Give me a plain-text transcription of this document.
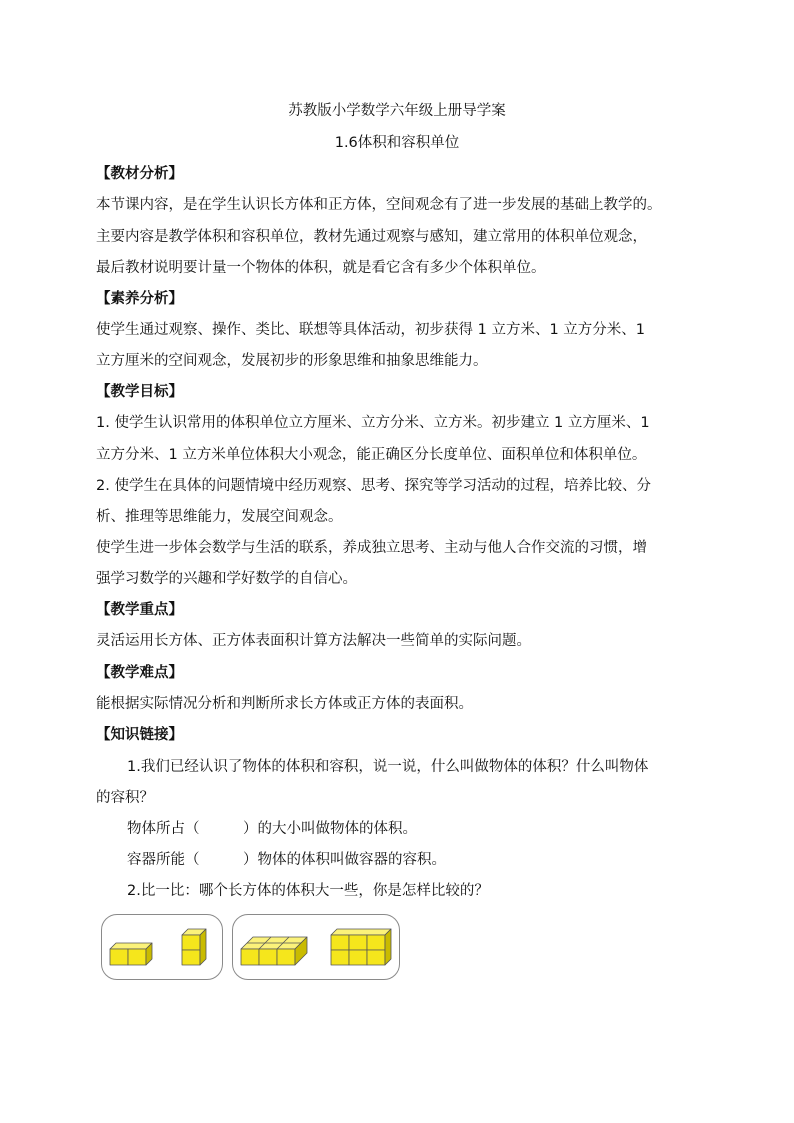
苏教版小学数学六年级上册导学案
1.6体积和容积单位
【教材分析】
本节课内容，是在学生认识长方体和正方体，空间观念有了进一步发展的基础上教学的。
主要内容是教学体积和容积单位，教材先通过观察与感知，建立常用的体积单位观念，
最后教材说明要计量一个物体的体积，就是看它含有多少个体积单位。
【素养分析】
使学生通过观察、操作、类比、联想等具体活动，初步获得 1 立方米、1 立方分米、1
立方厘米的空间观念，发展初步的形象思维和抽象思维能力。
【教学目标】
1. 使学生认识常用的体积单位立方厘米、立方分米、立方米。初步建立 1 立方厘米、1
立方分米、1 立方米单位体积大小观念，能正确区分长度单位、面积单位和体积单位。
2. 使学生在具体的问题情境中经历观察、思考、探究等学习活动的过程，培养比较、分
析、推理等思维能力，发展空间观念。
使学生进一步体会数学与生活的联系，养成独立思考、主动与他人合作交流的习惯，增
强学习数学的兴趣和学好数学的自信心。
【教学重点】
灵活运用长方体、正方体表面积计算方法解决一些简单的实际问题。
【教学难点】
能根据实际情况分析和判断所求长方体或正方体的表面积。
【知识链接】
1.我们已经认识了物体的体积和容积，说一说，什么叫做物体的体积？什么叫物体
的容积？
物体所占（　　　）的大小叫做物体的体积。
容器所能（　　　）物体的体积叫做容器的容积。
2.比一比：哪个长方体的体积大一些，你是怎样比较的？
